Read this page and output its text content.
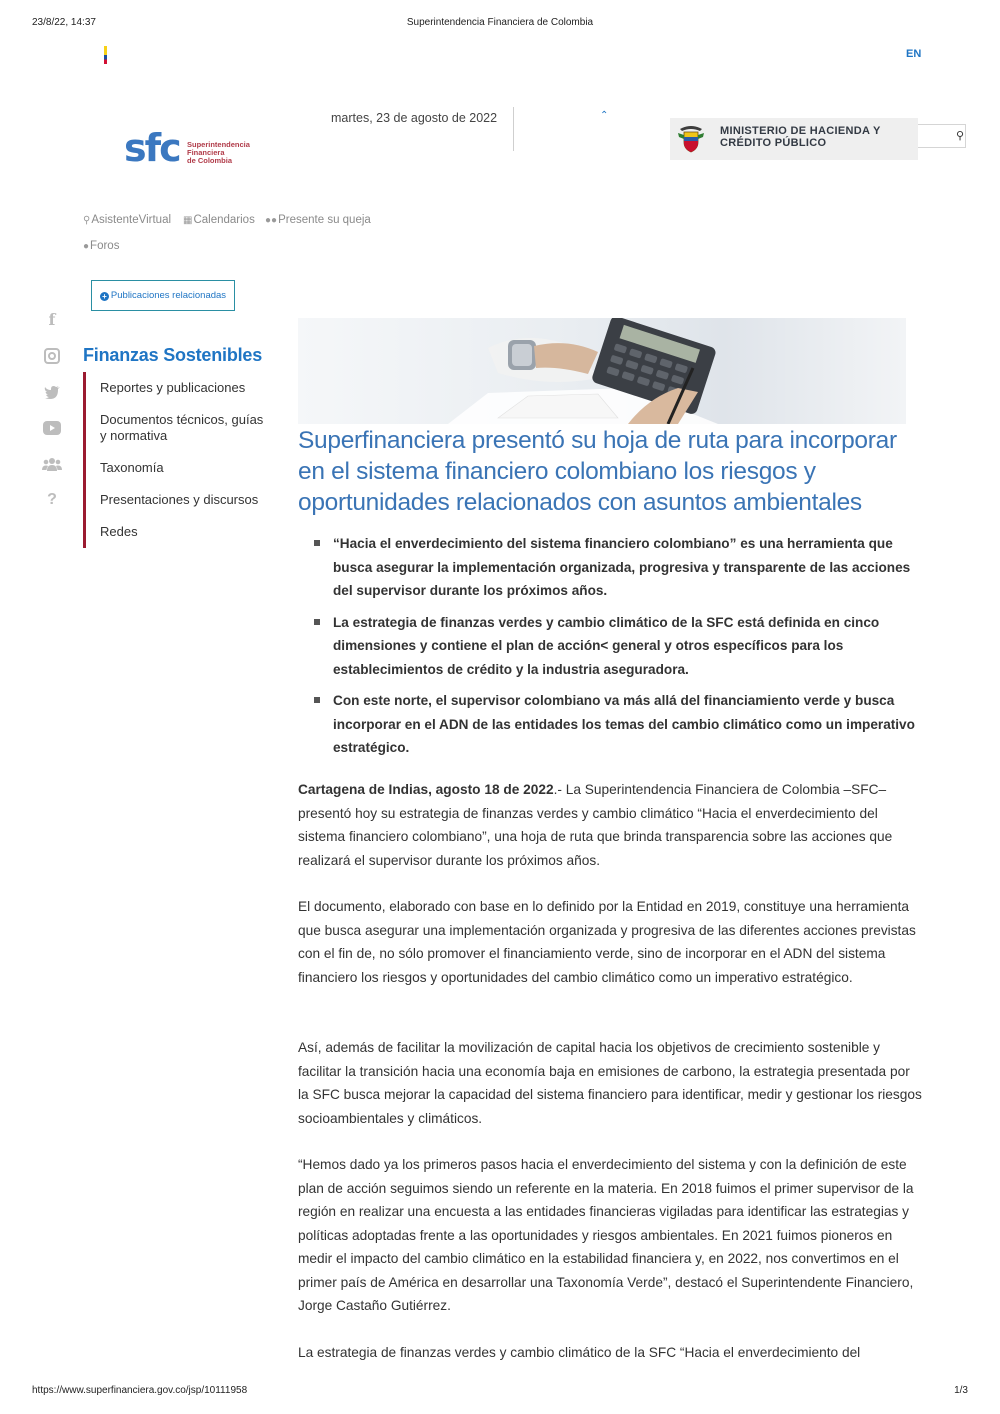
23/8/22, 14:37	Superintendencia Financiera de Colombia
EN
sfc Superintendencia
Financiera
de Colombia
martes, 23 de agosto de 2022	⌃
MINISTERIO DE HACIENDA Y
CRÉDITO PÚBLICO
⚲
⚲AsistenteVirtual ▦Calendarios ●●Presente su queja
●Foros
+ Publicaciones relacionadas
f
?
Finanzas Sostenibles
Reportes y publicaciones
Documentos técnicos, guías y normativa
Taxonomía
Presentaciones y discursos
Redes
Superfinanciera presentó su hoja de ruta para incorporar en el sistema financiero colombiano los riesgos y oportunidades relacionados con asuntos ambientales
“Hacia el enverdecimiento del sistema financiero colombiano” es una herramienta que busca asegurar la implementación organizada, progresiva y transparente de las acciones del supervisor durante los próximos años.
La estrategia de finanzas verdes y cambio climático de la SFC está definida en cinco dimensiones y contiene el plan de acción< general y otros específicos para los establecimientos de crédito y la industria aseguradora.
Con este norte, el supervisor colombiano va más allá del financiamiento verde y busca incorporar en el ADN de las entidades los temas del cambio climático como un imperativo estratégico.

Cartagena de Indias, agosto 18 de 2022.- La Superintendencia Financiera de Colombia –SFC– presentó hoy su estrategia de finanzas verdes y cambio climático “Hacia el enverdecimiento del sistema financiero colombiano”, una hoja de ruta que brinda transparencia sobre las acciones que realizará el supervisor durante los próximos años.

El documento, elaborado con base en lo definido por la Entidad en 2019, constituye una herramienta que busca asegurar una implementación organizada y progresiva de las diferentes acciones previstas con el fin de, no sólo promover el financiamiento verde, sino de incorporar en el ADN del sistema financiero los riesgos y oportunidades del cambio climático como un imperativo estratégico.

Así, además de facilitar la movilización de capital hacia los objetivos de crecimiento sostenible y facilitar la transición hacia una economía baja en emisiones de carbono, la estrategia presentada por la SFC busca mejorar la capacidad del sistema financiero para identificar, medir y gestionar los riesgos socioambientales y climáticos.

“Hemos dado ya los primeros pasos hacia el enverdecimiento del sistema y con la definición de este plan de acción seguimos siendo un referente en la materia. En 2018 fuimos el primer supervisor de la región en realizar una encuesta a las entidades financieras vigiladas para identificar las estrategias y políticas adoptadas frente a las oportunidades y riesgos ambientales. En 2021 fuimos pioneros en medir el impacto del cambio climático en la estabilidad financiera y, en 2022, nos convertimos en el primer país de América en desarrollar una Taxonomía Verde”, destacó el Superintendente Financiero, Jorge Castaño Gutiérrez.

La estrategia de finanzas verdes y cambio climático de la SFC “Hacia el enverdecimiento del

https://www.superfinanciera.gov.co/jsp/10111958	1/3
